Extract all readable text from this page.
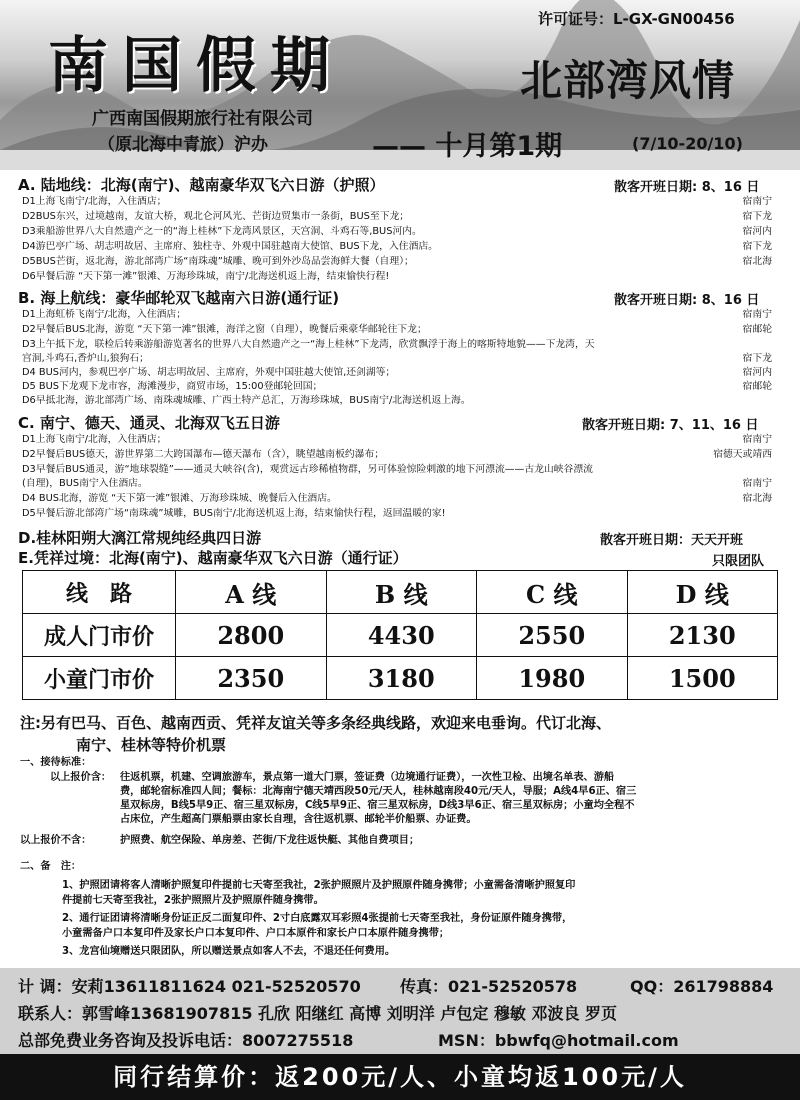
南国假期
广西南国假期旅行社有限公司
（原北海中青旅）沪办
许可证号：L-GX-GN00456
北部湾风情
—— 十月第1期	(7/10-20/10)
A. 陆地线：北海(南宁)、越南豪华双飞六日游（护照）	散客开班日期: 8、16 日
D1上海飞南宁/北海，入住酒店；	宿南宁
D2BUS东兴，过境越南，友谊大桥，观北仑河风光、芒街边贸集市一条街，BUS至下龙；	宿下龙
D3乘船游世界八大自然遗产之一的“海上桂林”下龙湾风景区，天宫洞、斗鸡石等,BUS河内。	宿河内
D4游巴亭广场、胡志明故居、主席府、独柱寺、外观中国驻越南大使馆、BUS下龙，入住酒店。	宿下龙
D5BUS芒街，返北海，游北部湾广场“南珠魂”城雕、晚可到外沙岛品尝海鲜大餐（自理）；	宿北海
D6早餐后游 “天下第一滩”银滩、万海珍珠城，南宁/北海送机返上海，结束愉快行程!
B. 海上航线：豪华邮轮双飞越南六日游(通行证)	散客开班日期: 8、16 日
D1上海虹桥飞南宁/北海，入住酒店；	宿南宁
D2早餐后BUS北海，游览 “天下第一滩”银滩，海洋之窗（自理），晚餐后乘豪华邮轮往下龙；	宿邮轮
D3上午抵下龙，联检后转乘游船游览著名的世界八大自然遗产之一“海上桂林”下龙湾，欣赏飘浮于海上的喀斯特地貌——下龙湾，天
宫洞,斗鸡石,香炉山,狼狗石；	宿下龙
D4 BUS河内，参观巴亭广场、胡志明故居、主席府，外观中国驻越大使馆,还剑湖等；	宿河内
D5 BUS下龙观下龙市容，海滩漫步，商贸市场，15:00登邮轮回国；	宿邮轮
D6早抵北海，游北部湾广场、南珠魂城雕、广西土特产总汇，万海珍珠城，BUS南宁/北海送机返上海。
C. 南宁、德天、通灵、北海双飞五日游	散客开班日期: 7、11、16 日
D1上海飞南宁/北海，入住酒店；	宿南宁
D2早餐后BUS德天，游世界第二大跨国瀑布—德天瀑布（含），眺望越南板约瀑布；	宿德天或靖西
D3早餐后BUS通灵，游“地球裂缝”——通灵大峡谷(含)，观赏远古珍稀植物群，另可体验惊险刺激的地下河漂流——古龙山峡谷漂流
(自理)，BUS南宁入住酒店。	宿南宁
D4 BUS北海，游览 “天下第一滩”银滩、万海珍珠城、晚餐后入住酒店。	宿北海
D5早餐后游北部湾广场“南珠魂”城雕，BUS南宁/北海送机返上海，结束愉快行程，返回温暖的家!
D.桂林阳朔大漓江常规纯经典四日游	散客开班日期：天天开班
E.凭祥过境：北海(南宁)、越南豪华双飞六日游（通行证）	只限团队
线　路	A 线	B 线	C 线	D 线
成人门市价	2800	4430	2550	2130
小童门市价	2350	3180	1980	1500
注:另有巴马、百色、越南西贡、凭祥友谊关等多条经典线路，欢迎来电垂询。代订北海、
南宁、桂林等特价机票
一、接待标准：
以上报价含： 往返机票，机建、空调旅游车，景点第一道大门票，签证费（边境通行证费），一次性卫检、出境名单表、游船
费，邮轮宿标准四人间；餐标：北海南宁德天靖西段50元/天人，桂林越南段40元/天人，导服；A线4早6正、宿三
星双标房，B线5早9正、宿三星双标房，C线5早9正、宿三星双标房，D线3早6正、宿三星双标房；小童均全程不
占床位，产生超高门票船票由家长自理，含往返机票、邮轮半价船票、办证费。
以上报价不含：	护照费、航空保险、单房差、芒街/下龙往返快艇、其他自费项目；
二、备　注：
1、护照团请将客人清晰护照复印件提前七天寄至我社，2张护照照片及护照原件随身携带；小童需备清晰护照复印
件提前七天寄至我社，2张护照照片及护照原件随身携带。
2、通行证团请将清晰身份证正反二面复印件、2寸白底露双耳彩照4张提前七天寄至我社，身份证原件随身携带，
小童需备户口本复印件及家长户口本复印件、户口本原件和家长户口本原件随身携带；
3、龙宫仙境赠送只限团队，所以赠送景点如客人不去，不退还任何费用。
计 调：安莉13611811624 021-52520570 传真：021-52520578	QQ：261798884
联系人：郭雪峰13681907815 孔欣 阳继红 高博 刘明洋 卢包定 穆敏 邓波良 罗页
总部免费业务咨询及投诉电话：8007275518	MSN：bbwfq@hotmail.com
同行结算价：返200元/人、小童均返100元/人
